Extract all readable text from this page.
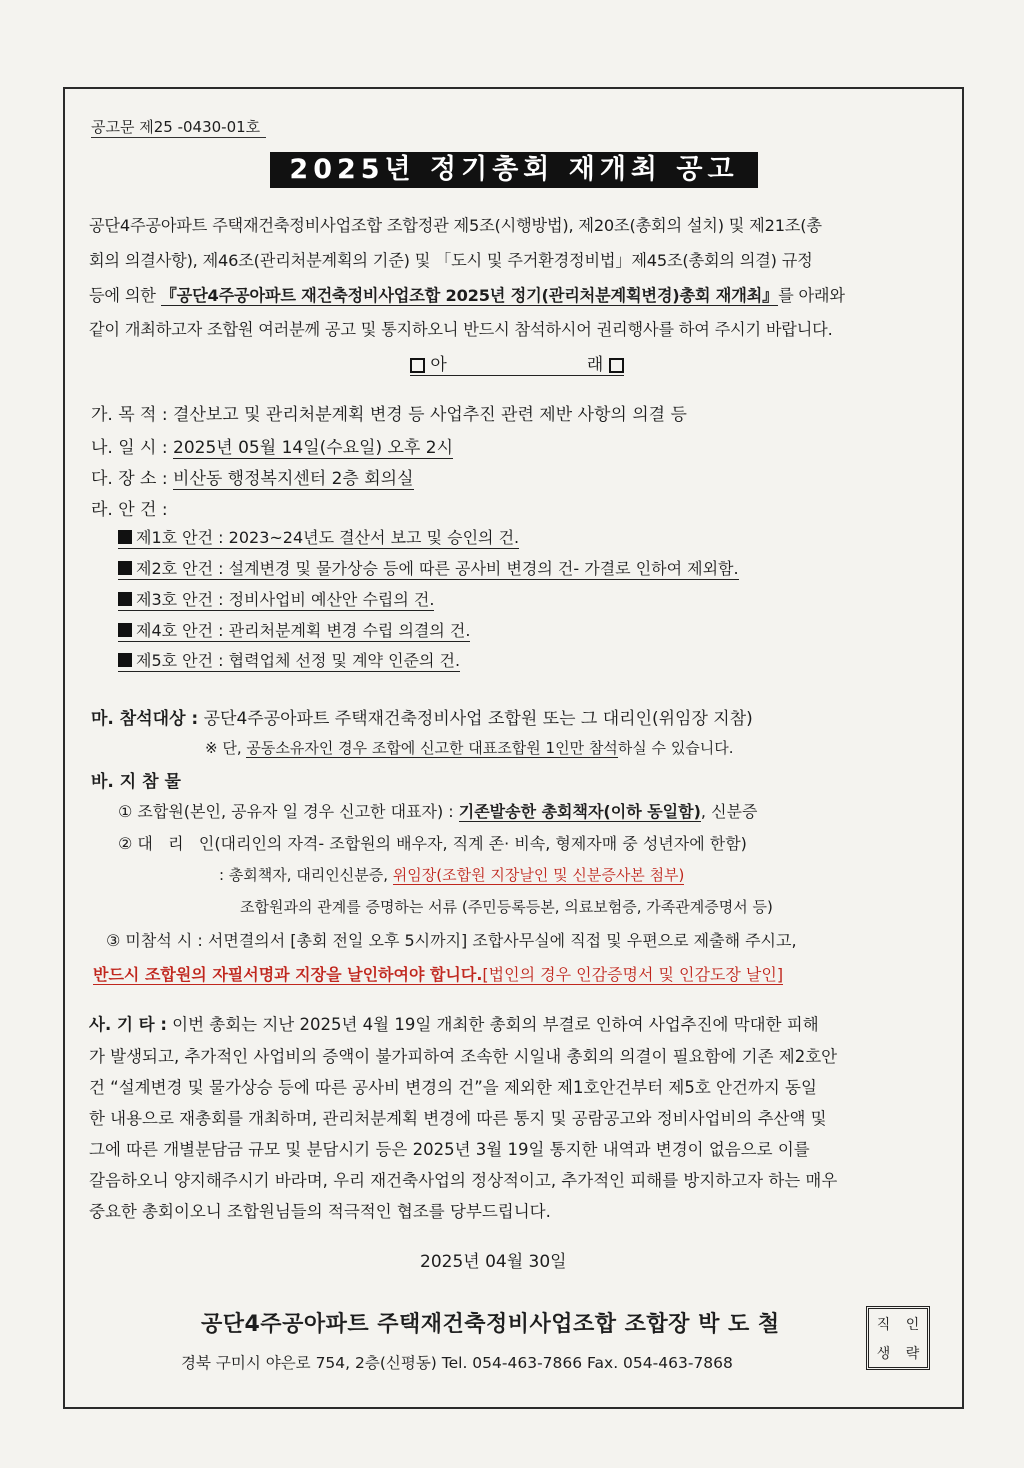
공고문 제25 -0430-01호
2025년 정기총회 재개최 공고
공단4주공아파트 주택재건축정비사업조합 조합정관 제5조(시행방법), 제20조(총회의 설치) 및 제21조(총
회의 의결사항), 제46조(관리처분계획의 기준) 및 「도시 및 주거환경정비법」제45조(총회의 의결) 규정
등에 의한 『공단4주공아파트 재건축정비사업조합 2025년 정기(관리처분계획변경)총회 재개최』를 아래와
같이 개최하고자 조합원 여러분께 공고 및 통지하오니 반드시 참석하시어 권리행사를 하여 주시기 바랍니다.
아	래
가. 목 적 : 결산보고 및 관리처분계획 변경 등 사업추진 관련 제반 사항의 의결 등
나. 일 시 : 2025년 05월 14일(수요일) 오후 2시
다. 장 소 : 비산동 행정복지센터 2층 회의실
라. 안 건 :
제1호 안건 : 2023~24년도 결산서 보고 및 승인의 건.
제2호 안건 : 설계변경 및 물가상승 등에 따른 공사비 변경의 건- 가결로 인하여 제외함.
제3호 안건 : 정비사업비 예산안 수립의 건.
제4호 안건 : 관리처분계획 변경 수립 의결의 건.
제5호 안건 : 협력업체 선정 및 계약 인준의 건.
마. 참석대상 : 공단4주공아파트 주택재건축정비사업 조합원 또는 그 대리인(위임장 지참)
※ 단, 공동소유자인 경우 조합에 신고한 대표조합원 1인만 참석하실 수 있습니다.
바. 지 참 물
① 조합원(본인, 공유자 일 경우 신고한 대표자) : 기존발송한 총회책자(이하 동일함), 신분증
② 대   리   인(대리인의 자격- 조합원의 배우자, 직계 존· 비속, 형제자매 중 성년자에 한함)
: 총회책자, 대리인신분증, 위임장(조합원 지장날인 및 신분증사본 첨부)
조합원과의 관계를 증명하는 서류 (주민등록등본, 의료보험증, 가족관계증명서 등)
③ 미참석 시 : 서면결의서 [총회 전일 오후 5시까지] 조합사무실에 직접 및 우편으로 제출해 주시고,
반드시 조합원의 자필서명과 지장을 날인하여야 합니다.[법인의 경우 인감증명서 및 인감도장 날인]
사. 기 타 : 이번 총회는 지난 2025년 4월 19일 개최한 총회의 부결로 인하여 사업추진에 막대한 피해
가 발생되고, 추가적인 사업비의 증액이 불가피하여 조속한 시일내 총회의 의결이 필요함에 기존 제2호안
건 “설계변경 및 물가상승 등에 따른 공사비 변경의 건”을 제외한 제1호안건부터 제5호 안건까지 동일
한 내용으로 재총회를 개최하며, 관리처분계획 변경에 따른 통지 및 공람공고와 정비사업비의 추산액 및
그에 따른 개별분담금 규모 및 분담시기 등은 2025년 3월 19일 통지한 내역과 변경이 없음으로 이를
갈음하오니 양지해주시기 바라며, 우리 재건축사업의 정상적이고, 추가적인 피해를 방지하고자 하는 매우
중요한 총회이오니 조합원님들의 적극적인 협조를 당부드립니다.
2025년 04월 30일
공단4주공아파트 주택재건축정비사업조합 조합장 박 도 철
경북 구미시 야은로 754, 2층(신평동) Tel. 054-463-7866 Fax. 054-463-7868
직	인
생	략
